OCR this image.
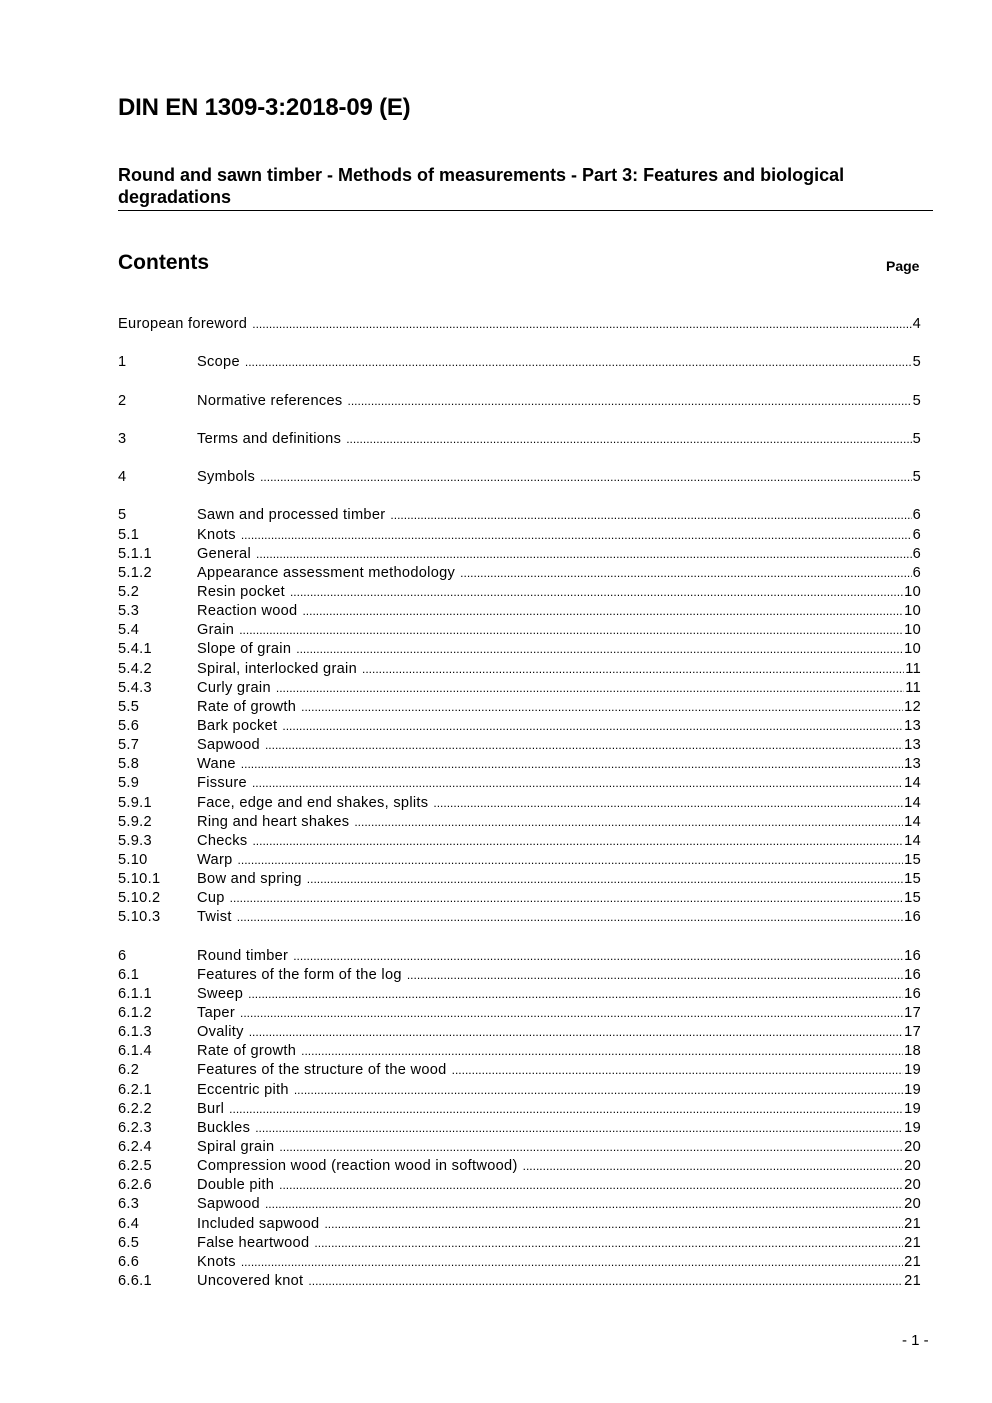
DIN EN 1309-3:2018-09 (E)
Round and sawn timber - Methods of measurements - Part 3: Features and biological degradations
Contents	Page
European foreword .....	4
1	Scope .....	5
2	Normative references .....	5
3	Terms and definitions .....	5
4	Symbols .....	5
5	Sawn and processed timber .....	6
5.1	Knots .....	6
5.1.1	General .....	6
5.1.2	Appearance assessment methodology .....	6
5.2	Resin pocket .....	10
5.3	Reaction wood .....	10
5.4	Grain .....	10
5.4.1	Slope of grain .....	10
5.4.2	Spiral, interlocked grain .....	11
5.4.3	Curly grain .....	11
5.5	Rate of growth .....	12
5.6	Bark pocket .....	13
5.7	Sapwood .....	13
5.8	Wane .....	13
5.9	Fissure .....	14
5.9.1	Face, edge and end shakes, splits .....	14
5.9.2	Ring and heart shakes .....	14
5.9.3	Checks .....	14
5.10	Warp .....	15
5.10.1	Bow and spring .....	15
5.10.2	Cup .....	15
5.10.3	Twist .....	16
6	Round timber .....	16
6.1	Features of the form of the log .....	16
6.1.1	Sweep .....	16
6.1.2	Taper .....	17
6.1.3	Ovality .....	17
6.1.4	Rate of growth .....	18
6.2	Features of the structure of the wood .....	19
6.2.1	Eccentric pith .....	19
6.2.2	Burl .....	19
6.2.3	Buckles .....	19
6.2.4	Spiral grain .....	20
6.2.5	Compression wood (reaction wood in softwood) .....	20
6.2.6	Double pith .....	20
6.3	Sapwood .....	20
6.4	Included sapwood .....	21
6.5	False heartwood .....	21
6.6	Knots .....	21
6.6.1	Uncovered knot .....	21
- 1 -
